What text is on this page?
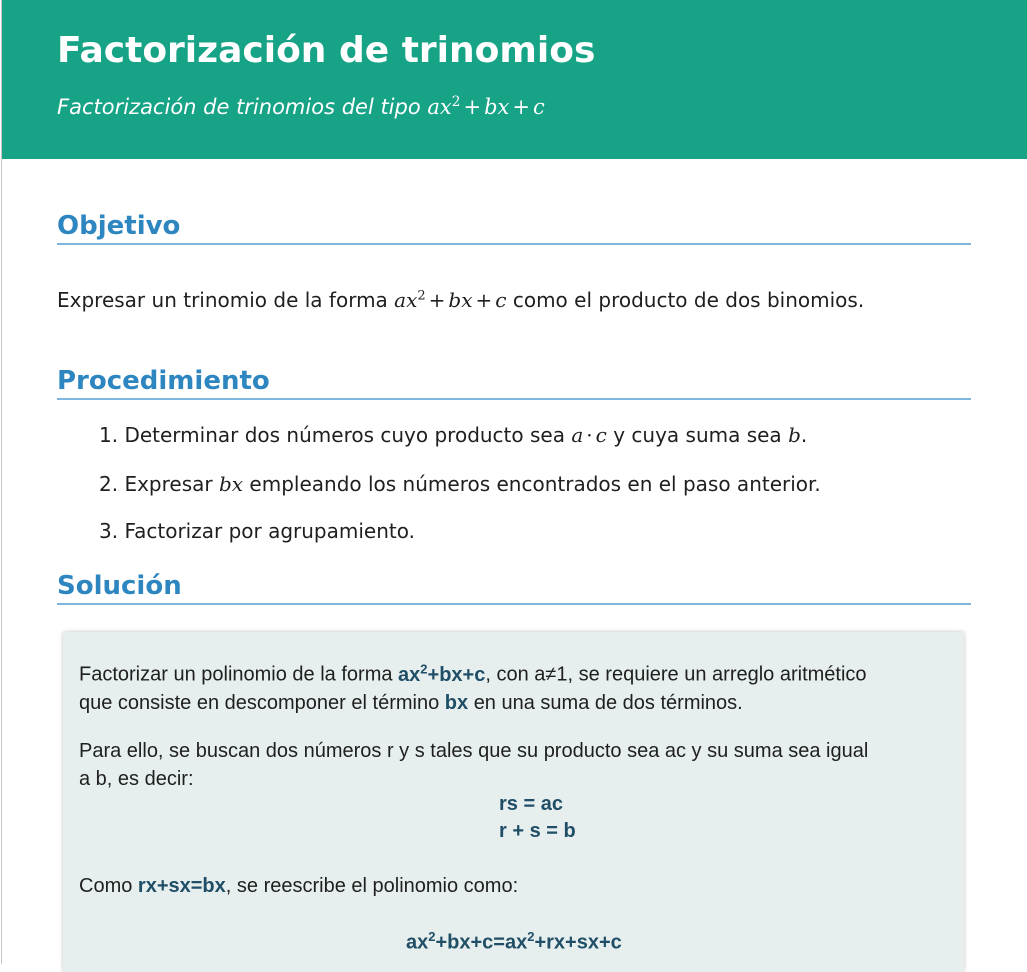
Factorización de trinomios
Factorización de trinomios del tipo $ax^2$ + bx + c
Objetivo
Expresar un trinomio de la forma $ax^2$ + bx + c como el producto de dos binomios.
Procedimiento
1. Determinar dos números cuyo producto sea a · c y cuya suma sea b.
2. Expresar bx empleando los números encontrados en el paso anterior.
3. Factorizar por agrupamiento.
Solución
Factorizar un polinomio de la forma $ax^2+bx+c$, con a≠1, se requiere un arreglo aritmético
que consiste en descomponer el término bx en una suma de dos términos.
Para ello, se buscan dos números r y s tales que su producto sea ac y su suma sea igual
a b, es decir:
rs = ac
r + s = b
Como rx+sx=bx, se reescribe el polinomio como:
$ax^2+bx+c=ax^2+rx+sx+c$
